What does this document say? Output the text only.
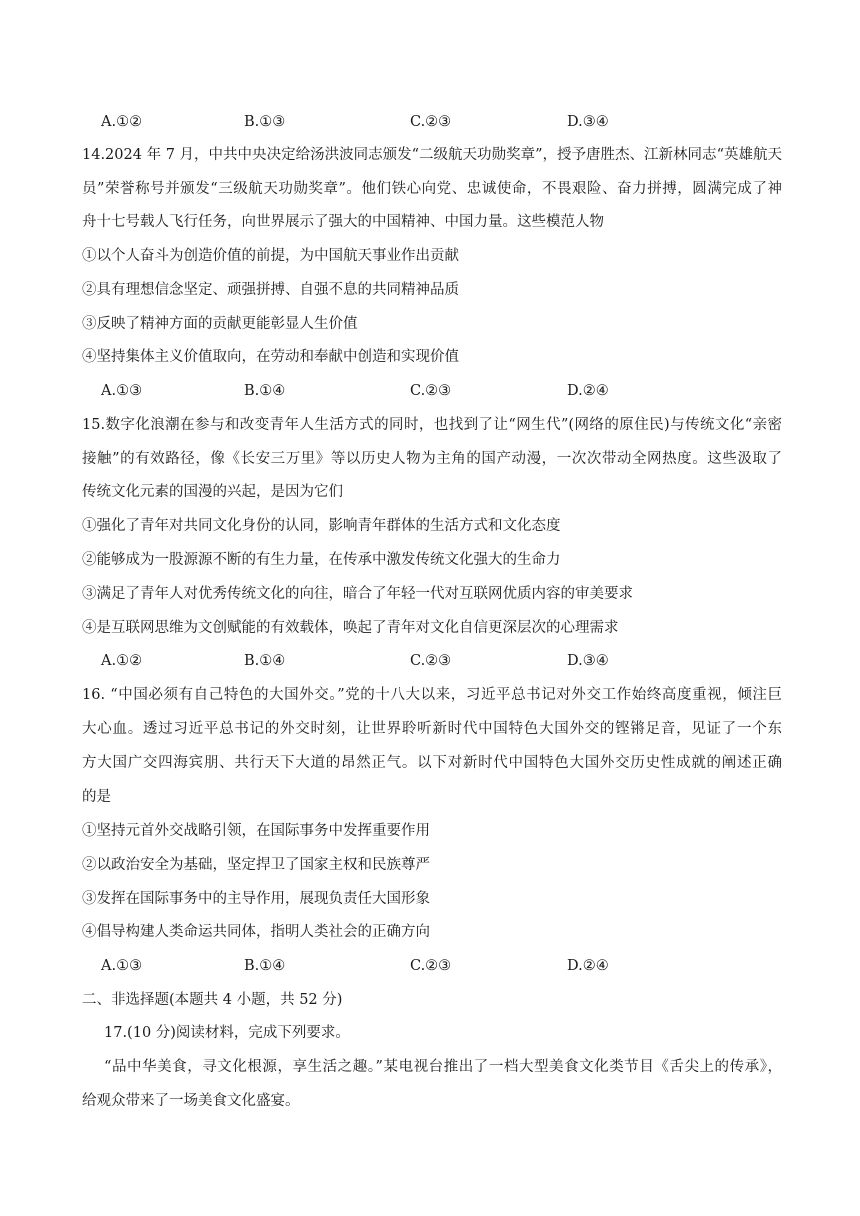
A.①②	B.①③	C.②③	D.③④
14.2024 年 7 月，中共中央决定给汤洪波同志颁发“二级航天功勋奖章”，授予唐胜杰、江新林同志“英雄航天
员”荣誉称号并颁发“三级航天功勋奖章”。他们铁心向党、忠诚使命，不畏艰险、奋力拼搏，圆满完成了神
舟十七号载人飞行任务，向世界展示了强大的中国精神、中国力量。这些模范人物
①以个人奋斗为创造价值的前提，为中国航天事业作出贡献
②具有理想信念坚定、顽强拼搏、自强不息的共同精神品质
③反映了精神方面的贡献更能彰显人生价值
④坚持集体主义价值取向，在劳动和奉献中创造和实现价值
A.①③	B.①④	C.②③	D.②④
15.数字化浪潮在参与和改变青年人生活方式的同时，也找到了让“网生代”(网络的原住民)与传统文化“亲密
接触”的有效路径，像《长安三万里》等以历史人物为主角的国产动漫，一次次带动全网热度。这些汲取了
传统文化元素的国漫的兴起，是因为它们
①强化了青年对共同文化身份的认同，影响青年群体的生活方式和文化态度
②能够成为一股源源不断的有生力量，在传承中激发传统文化强大的生命力
③满足了青年人对优秀传统文化的向往，暗合了年轻一代对互联网优质内容的审美要求
④是互联网思维为文创赋能的有效载体，唤起了青年对文化自信更深层次的心理需求
A.①②	B.①④	C.②③	D.③④
16. “中国必须有自己特色的大国外交。”党的十八大以来，习近平总书记对外交工作始终高度重视，倾注巨
大心血。透过习近平总书记的外交时刻，让世界聆听新时代中国特色大国外交的铿锵足音，见证了一个东
方大国广交四海宾朋、共行天下大道的昂然正气。以下对新时代中国特色大国外交历史性成就的阐述正确
的是
①坚持元首外交战略引领，在国际事务中发挥重要作用
②以政治安全为基础，坚定捍卫了国家主权和民族尊严
③发挥在国际事务中的主导作用，展现负责任大国形象
④倡导构建人类命运共同体，指明人类社会的正确方向
A.①③	B.①④	C.②③	D.②④
二、非选择题(本题共 4 小题，共 52 分)
17.(10 分)阅读材料，完成下列要求。
“品中华美食，寻文化根源，享生活之趣。”某电视台推出了一档大型美食文化类节目《舌尖上的传承》，
给观众带来了一场美食文化盛宴。
